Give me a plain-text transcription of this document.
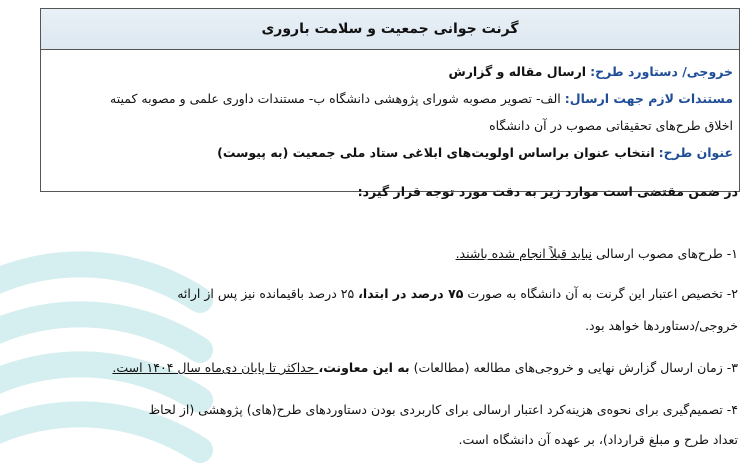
گرنت جوانی جمعیت و سلامت باروری
خروجی/ دستاورد طرح: ارسال مقاله و گزارش
مستندات لازم جهت ارسال: الف- تصویر مصوبه شورای پژوهشی دانشگاه ب- مستندات داوری علمی و مصوبه کمیته
اخلاق طرح‌های تحقیقاتی مصوب در آن دانشگاه
عنوان طرح: انتخاب عنوان براساس اولویت‌های ابلاغی ستاد ملی جمعیت (به پیوست)
در ضمن مقتضی است موارد زیر به دقت مورد توجه قرار گیرد:
۱- طرح‌های مصوب ارسالی نباید قبلاً انجام شده باشند.
۲- تخصیص اعتبار این گرنت به آن دانشگاه به صورت ۷۵ درصد در ابتدا، ۲۵ درصد باقیمانده نیز پس از ارائه
خروجی/دستاوردها خواهد بود.
۳- زمان ارسال گزارش نهایی و خروجی‌های مطالعه (مطالعات) به این معاونت، حداکثر تا پایان دی‌ماه سال ۱۴۰۴ است.
۴- تصمیم‌گیری برای نحوه‌ی هزینه‌کرد اعتبار ارسالی برای کاربردی بودن دستاوردهای طرح(های) پژوهشی (از لحاظ
تعداد طرح و مبلغ قرارداد)، بر عهده آن دانشگاه است.
